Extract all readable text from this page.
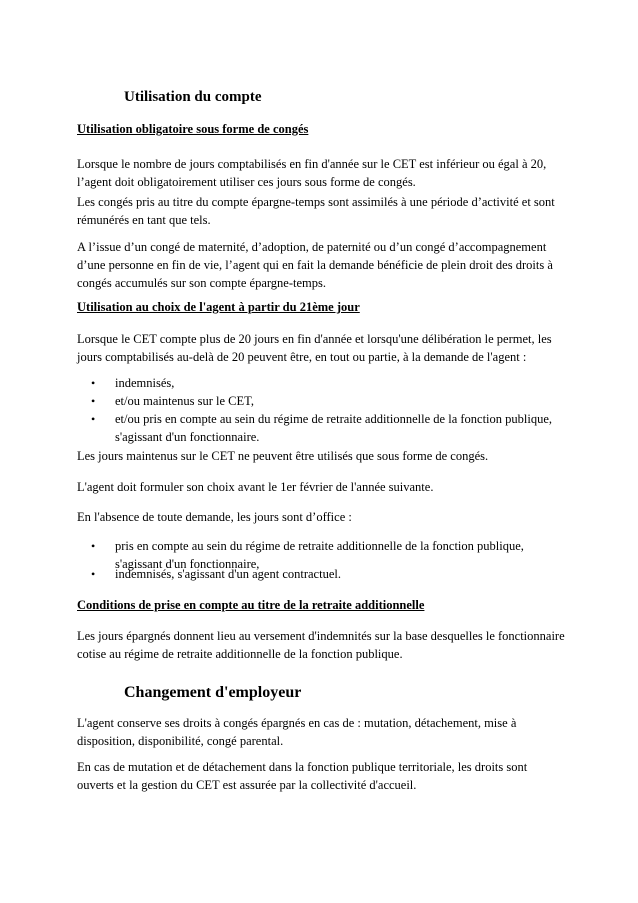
Utilisation du compte
Utilisation obligatoire sous forme de congés
Lorsque le nombre de jours comptabilisés en fin d'année sur le CET est inférieur ou égal à 20, l’agent doit obligatoirement utiliser ces jours sous forme de congés.
Les congés pris au titre du compte épargne-temps sont assimilés à une période d’activité et sont rémunérés en tant que tels.
A l’issue d’un congé de maternité, d’adoption, de paternité ou d’un congé d’accompagnement d’une personne en fin de vie, l’agent qui en fait la demande bénéficie de plein droit des droits à congés accumulés sur son compte épargne-temps.
Utilisation au choix de l'agent à partir du 21ème jour
Lorsque le CET compte plus de 20 jours en fin d'année et lorsqu'une délibération le permet, les jours comptabilisés au-delà de 20 peuvent être, en tout ou partie, à la demande de l'agent :
•	indemnisés,
•	et/ou maintenus sur le CET,
•	et/ou pris en compte au sein du régime de retraite additionnelle de la fonction publique, s'agissant d'un fonctionnaire.
Les jours maintenus sur le CET ne peuvent être utilisés que sous forme de congés.
L'agent doit formuler son choix avant le 1er février de l'année suivante.
En l'absence de toute demande, les jours sont d’office :
•	pris en compte au sein du régime de retraite additionnelle de la fonction publique, s'agissant d'un fonctionnaire,
•	indemnisés, s'agissant d'un agent contractuel.
Conditions de prise en compte au titre de la retraite additionnelle
Les jours épargnés donnent lieu au versement d'indemnités sur la base desquelles le fonctionnaire cotise au régime de retraite additionnelle de la fonction publique.
Changement d'employeur
L'agent conserve ses droits à congés épargnés en cas de : mutation, détachement, mise à disposition, disponibilité, congé parental.
En cas de mutation et de détachement dans la fonction publique territoriale, les droits sont ouverts et la gestion du CET est assurée par la collectivité d'accueil.
